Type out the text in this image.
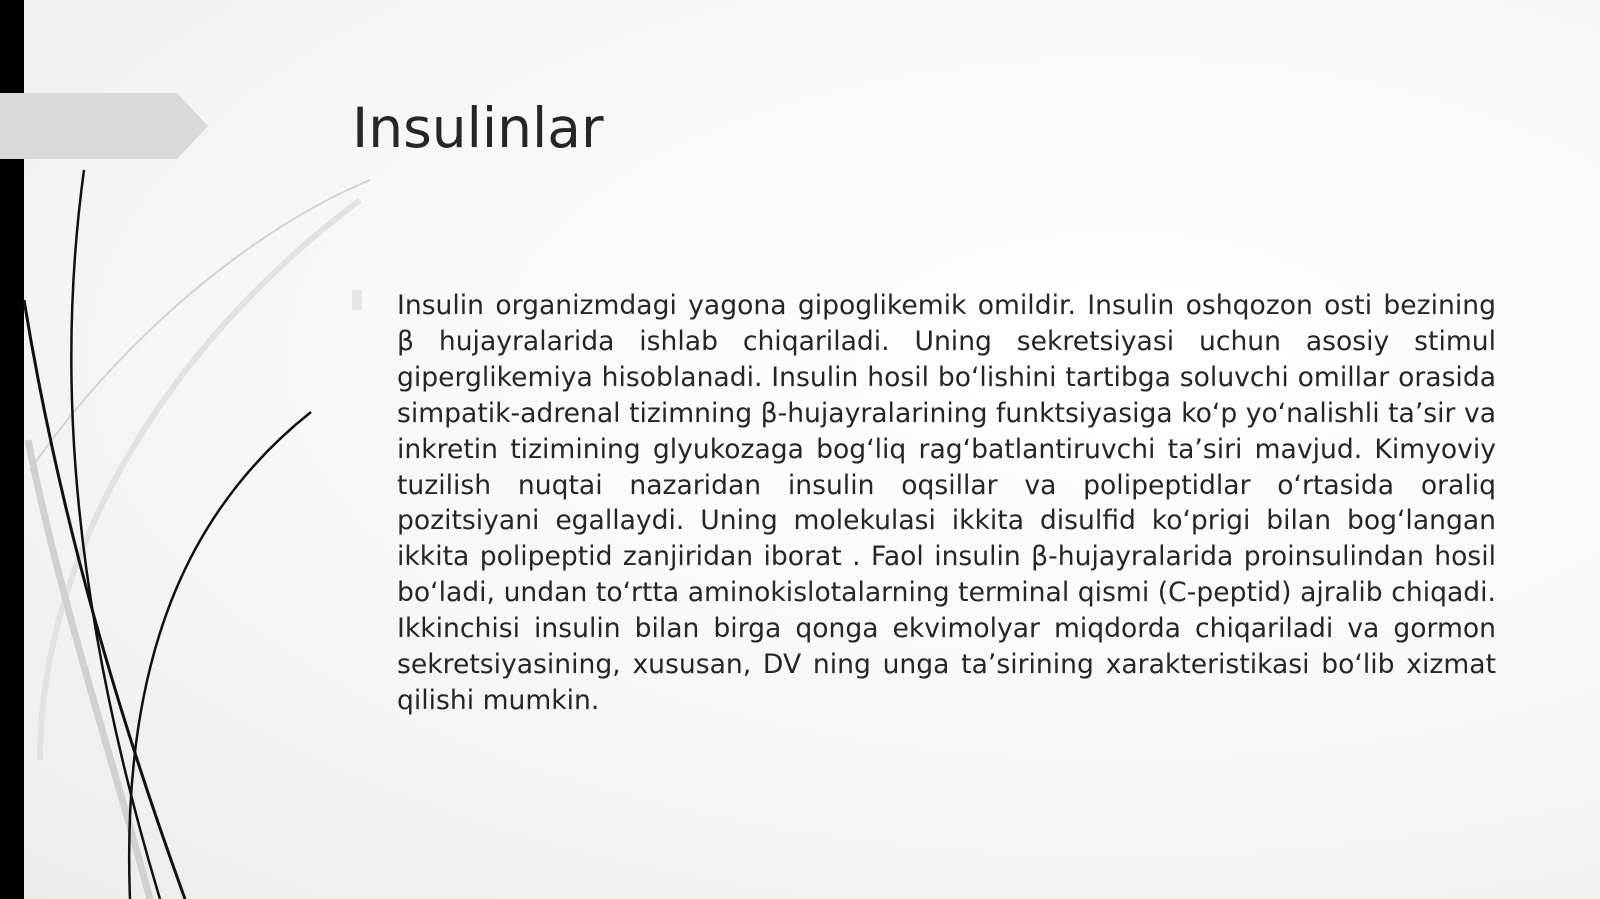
Insulinlar

Insulin organizmdagi yagona gipoglikemik omildir. Insulin oshqozon osti bezining β hujayralarida ishlab chiqariladi. Uning sekretsiyasi uchun asosiy stimul giperglikemiya hisoblanadi. Insulin hosil boʻlishini tartibga soluvchi omillar orasida simpatik-adrenal tizimning β-hujayralarining funktsiyasiga koʻp yoʻnalishli taʼsir va inkretin tizimining glyukozaga bogʻliq ragʻbatlantiruvchi taʼsiri mavjud. Kimyoviy tuzilish nuqtai nazaridan insulin oqsillar va polipeptidlar oʻrtasida oraliq pozitsiyani egallaydi. Uning molekulasi ikkita disulfid koʻprigi bilan bogʻlangan ikkita polipeptid zanjiridan iborat . Faol insulin β-hujayralarida proinsulindan hosil boʻladi, undan toʻrtta aminokislotalarning terminal qismi (C-peptid) ajralib chiqadi. Ikkinchisi insulin bilan birga qonga ekvimolyar miqdorda chiqariladi va gormon sekretsiyasining, xususan, DV ning unga taʼsirining xarakteristikasi boʻlib xizmat qilishi mumkin.
